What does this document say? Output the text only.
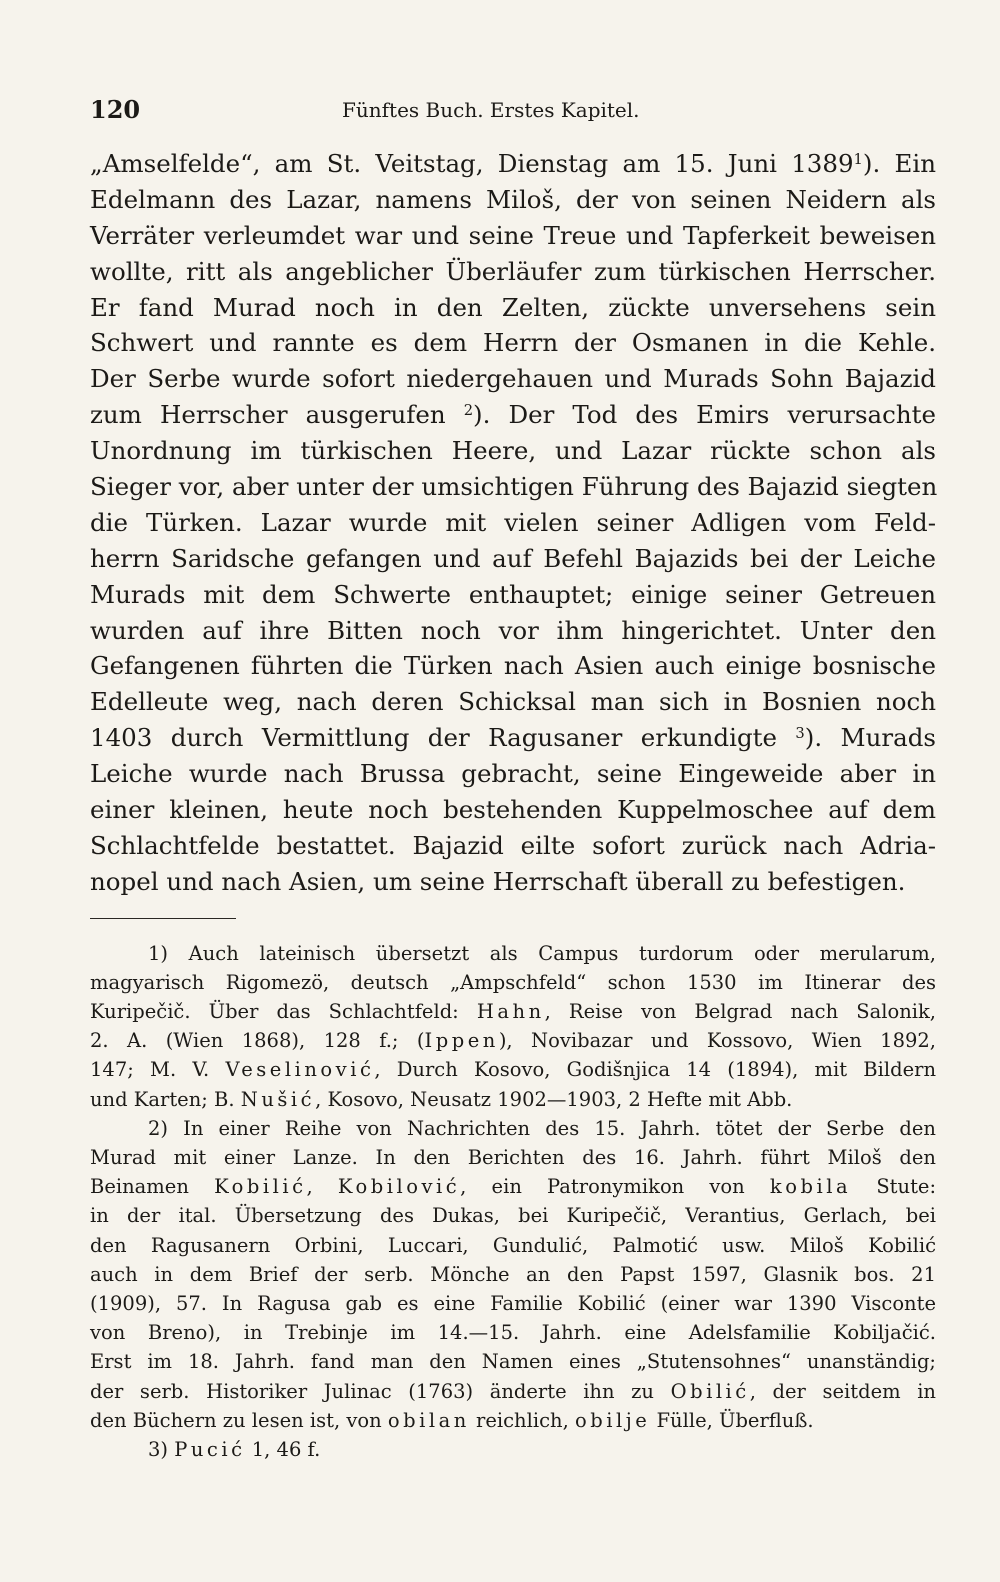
120	Fünftes Buch. Erstes Kapitel.
„Amselfelde“, am St. Veitstag, Dienstag am 15. Juni 1389$^1$). Ein
Edelmann des Lazar, namens Miloš, der von seinen Neidern als
Verräter verleumdet war und seine Treue und Tapferkeit beweisen
wollte, ritt als angeblicher Überläufer zum türkischen Herrscher.
Er fand Murad noch in den Zelten, zückte unversehens sein
Schwert und rannte es dem Herrn der Osmanen in die Kehle.
Der Serbe wurde sofort niedergehauen und Murads Sohn Bajazid
zum Herrscher ausgerufen $^2$). Der Tod des Emirs verursachte
Unordnung im türkischen Heere, und Lazar rückte schon als
Sieger vor, aber unter der umsichtigen Führung des Bajazid siegten
die Türken. Lazar wurde mit vielen seiner Adligen vom Feld-
herrn Saridsche gefangen und auf Befehl Bajazids bei der Leiche
Murads mit dem Schwerte enthauptet; einige seiner Getreuen
wurden auf ihre Bitten noch vor ihm hingerichtet. Unter den
Gefangenen führten die Türken nach Asien auch einige bosnische
Edelleute weg, nach deren Schicksal man sich in Bosnien noch
1403 durch Vermittlung der Ragusaner erkundigte $^3$). Murads
Leiche wurde nach Brussa gebracht, seine Eingeweide aber in
einer kleinen, heute noch bestehenden Kuppelmoschee auf dem
Schlachtfelde bestattet. Bajazid eilte sofort zurück nach Adria-
nopel und nach Asien, um seine Herrschaft überall zu befestigen.
1) Auch lateinisch übersetzt als Campus turdorum oder merularum,
magyarisch Rigomezö, deutsch „Ampschfeld“ schon 1530 im Itinerar des
Kuripečič. Über das Schlachtfeld: Hahn, Reise von Belgrad nach Salonik,
2. A. (Wien 1868), 128 f.; (Ippen), Novibazar und Kossovo, Wien 1892,
147; M. V. Veselinović, Durch Kosovo, Godišnjica 14 (1894), mit Bildern
und Karten; B. Nušić, Kosovo, Neusatz 1902—1903, 2 Hefte mit Abb.
2) In einer Reihe von Nachrichten des 15. Jahrh. tötet der Serbe den
Murad mit einer Lanze. In den Berichten des 16. Jahrh. führt Miloš den
Beinamen Kobilić, Kobilović, ein Patronymikon von kobila Stute:
in der ital. Übersetzung des Dukas, bei Kuripečič, Verantius, Gerlach, bei
den Ragusanern Orbini, Luccari, Gundulić, Palmotić usw. Miloš Kobilić
auch in dem Brief der serb. Mönche an den Papst 1597, Glasnik bos. 21
(1909), 57. In Ragusa gab es eine Familie Kobilić (einer war 1390 Visconte
von Breno), in Trebinje im 14.—15. Jahrh. eine Adelsfamilie Kobiljačić.
Erst im 18. Jahrh. fand man den Namen eines „Stutensohnes“ unanständig;
der serb. Historiker Julinac (1763) änderte ihn zu Obilić, der seitdem in
den Büchern zu lesen ist, von obilan reichlich, obilje Fülle, Überfluß.
3) Pucić 1, 46 f.
